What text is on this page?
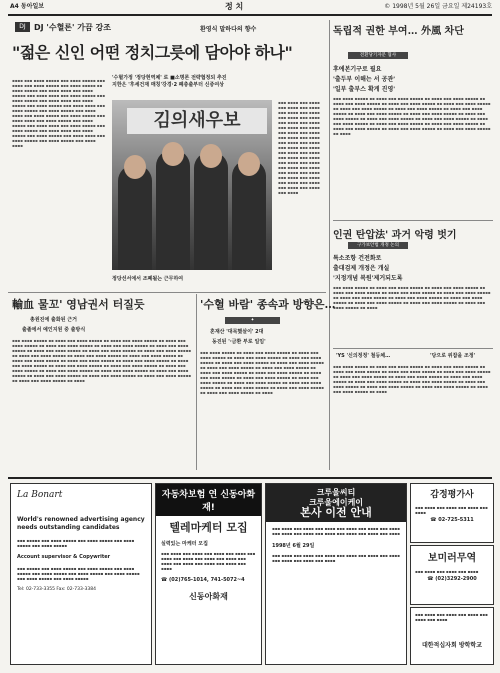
A4 동아일보	정 치	© 1998년 5월 26일 금요일 제24193호
DJ	DJ '수혈론' 가끔 강조	환영식 말하다의 향수
"젊은 신인 어떤 정치그릇에 담아야 하나"
'수혈가정 '정당현역체' 로 ■소명론 전략협정되 추진
지한은 '후세건재 매칭'강경·2 폐층출부터 신증여상
▪▪▪▪ ▪▪▪ ▪▪▪▪ ▪▪▪▪▪ ▪▪▪ ▪▪▪▪ ▪▪▪▪▪ ▪▪▪ ▪▪▪▪ ▪▪▪ ▪▪▪▪ ▪▪▪▪▪ ▪▪▪ ▪▪▪▪ ▪▪▪▪▪ ▪▪ ▪▪▪▪ ▪▪▪▪▪ ▪▪▪ ▪▪▪▪ ▪▪▪▪ ▪▪▪ ▪▪▪▪ ▪▪▪▪▪ ▪▪▪ ▪▪▪▪ ▪▪▪▪ ▪▪▪ ▪▪▪▪ ▪▪▪▪▪ ▪▪▪ ▪▪▪▪ ▪▪▪▪▪ ▪▪▪ ▪▪▪▪ ▪▪▪▪ ▪▪▪ ▪▪▪▪ ▪▪▪▪▪ ▪▪▪ ▪▪▪▪ ▪▪▪▪▪ ▪▪▪ ▪▪▪▪ ▪▪▪▪ ▪▪▪ ▪▪▪▪ ▪▪▪▪▪ ▪▪▪ ▪▪▪▪ ▪▪▪▪▪ ▪▪▪ ▪▪▪▪ ▪▪▪▪ ▪▪▪ ▪▪▪▪ ▪▪▪▪▪ ▪▪▪ ▪▪▪▪ ▪▪▪▪▪ ▪▪▪ ▪▪▪▪ ▪▪▪▪ ▪▪▪ ▪▪▪▪ ▪▪▪▪▪ ▪▪▪ ▪▪▪▪ ▪▪▪▪▪ ▪▪▪ ▪▪▪▪ ▪▪▪▪ ▪▪▪ ▪▪▪▪ ▪▪▪▪▪ ▪▪▪ ▪▪▪▪ ▪▪▪▪▪ ▪▪▪ ▪▪▪▪ ▪▪▪▪ ▪▪▪ ▪▪▪▪ ▪▪▪▪▪ ▪▪▪ ▪▪▪▪ ▪▪▪▪▪ ▪▪▪ ▪▪▪▪ ▪▪▪▪ ▪▪▪ ▪▪▪▪ ▪▪▪▪▪ ▪▪▪ ▪▪▪▪ ▪▪▪▪▪ ▪▪▪ ▪▪▪▪ ▪▪▪▪
김의새우보
정당선서에서 조폐될는 근무하여
▪▪▪ ▪▪▪▪ ▪▪▪ ▪▪▪▪ ▪▪▪ ▪▪▪▪ ▪▪▪ ▪▪▪▪ ▪▪▪ ▪▪▪▪ ▪▪▪ ▪▪▪▪ ▪▪▪ ▪▪▪▪ ▪▪▪ ▪▪▪▪ ▪▪▪ ▪▪▪▪ ▪▪▪ ▪▪▪▪ ▪▪▪ ▪▪▪▪ ▪▪▪ ▪▪▪▪ ▪▪▪ ▪▪▪▪ ▪▪▪ ▪▪▪▪ ▪▪▪ ▪▪▪▪ ▪▪▪ ▪▪▪▪ ▪▪▪ ▪▪▪▪ ▪▪▪ ▪▪▪▪ ▪▪▪ ▪▪▪▪ ▪▪▪ ▪▪▪▪ ▪▪▪ ▪▪▪▪ ▪▪▪ ▪▪▪▪ ▪▪▪ ▪▪▪▪ ▪▪▪ ▪▪▪▪ ▪▪▪ ▪▪▪▪ ▪▪▪ ▪▪▪▪ ▪▪▪ ▪▪▪▪ ▪▪▪ ▪▪▪▪ ▪▪▪ ▪▪▪▪ ▪▪▪ ▪▪▪▪ ▪▪▪ ▪▪▪▪ ▪▪▪ ▪▪▪▪ ▪▪▪ ▪▪▪▪ ▪▪▪ ▪▪▪▪ ▪▪▪ ▪▪▪▪ ▪▪▪ ▪▪▪▪ ▪▪▪ ▪▪▪▪
독립적 권한 부여… 外風 차단
전환당기자문 협사
후에본기구로 필요
'출두부 이해는 서 공관'
'일부 출부스 확게 진영'
▪▪▪ ▪▪▪▪ ▪▪▪▪▪ ▪▪ ▪▪▪▪ ▪▪▪ ▪▪▪▪ ▪▪▪▪▪ ▪▪ ▪▪▪▪ ▪▪▪ ▪▪▪▪ ▪▪▪▪▪ ▪▪ ▪▪▪▪ ▪▪▪ ▪▪▪▪ ▪▪▪▪▪ ▪▪ ▪▪▪▪ ▪▪▪ ▪▪▪▪ ▪▪▪▪▪ ▪▪ ▪▪▪▪ ▪▪▪ ▪▪▪▪ ▪▪▪▪▪ ▪▪ ▪▪▪▪ ▪▪▪ ▪▪▪▪ ▪▪▪▪▪ ▪▪ ▪▪▪▪ ▪▪▪ ▪▪▪▪ ▪▪▪▪▪ ▪▪ ▪▪▪▪ ▪▪▪ ▪▪▪▪ ▪▪▪▪▪ ▪▪ ▪▪▪▪ ▪▪▪ ▪▪▪▪ ▪▪▪▪▪ ▪▪ ▪▪▪▪ ▪▪▪ ▪▪▪▪ ▪▪▪▪▪ ▪▪ ▪▪▪▪ ▪▪▪ ▪▪▪▪ ▪▪▪▪▪ ▪▪ ▪▪▪▪ ▪▪▪ ▪▪▪▪ ▪▪▪▪▪ ▪▪ ▪▪▪▪ ▪▪▪ ▪▪▪▪ ▪▪▪▪▪ ▪▪ ▪▪▪▪ ▪▪▪ ▪▪▪▪ ▪▪▪▪▪ ▪▪ ▪▪▪▪ ▪▪▪ ▪▪▪▪ ▪▪▪▪▪ ▪▪ ▪▪▪▪ ▪▪▪ ▪▪▪▪ ▪▪▪▪▪ ▪▪ ▪▪▪▪ ▪▪▪ ▪▪▪▪ ▪▪▪▪▪ ▪▪ ▪▪▪▪ ▪▪▪ ▪▪▪▪ ▪▪▪▪▪ ▪▪ ▪▪▪▪ ▪▪▪ ▪▪▪▪ ▪▪▪▪▪ ▪▪ ▪▪▪▪
인권 탄압法' 과거 악령 벗기
구가보안법 개정 논의
특소조항 건전화로
출대검제 개정은 개실
'지정개념 복원'제거되도록
▪▪▪ ▪▪▪▪ ▪▪▪▪▪ ▪▪ ▪▪▪▪ ▪▪▪ ▪▪▪▪ ▪▪▪▪▪ ▪▪ ▪▪▪▪ ▪▪▪ ▪▪▪▪ ▪▪▪▪▪ ▪▪ ▪▪▪▪ ▪▪▪ ▪▪▪▪ ▪▪▪▪▪ ▪▪ ▪▪▪▪ ▪▪▪ ▪▪▪▪ ▪▪▪▪▪ ▪▪ ▪▪▪▪ ▪▪▪ ▪▪▪▪ ▪▪▪▪▪ ▪▪ ▪▪▪▪ ▪▪▪ ▪▪▪▪ ▪▪▪▪▪ ▪▪ ▪▪▪▪ ▪▪▪ ▪▪▪▪ ▪▪▪▪▪ ▪▪ ▪▪▪▪ ▪▪▪ ▪▪▪▪ ▪▪▪▪▪ ▪▪ ▪▪▪▪ ▪▪▪ ▪▪▪▪ ▪▪▪▪▪ ▪▪ ▪▪▪▪ ▪▪▪ ▪▪▪▪ ▪▪▪▪▪ ▪▪ ▪▪▪▪ ▪▪▪ ▪▪▪▪ ▪▪▪▪▪ ▪▪ ▪▪▪▪
輸血 물꼬' 영남권서 터질듯
총원진에 출화된 근거
출졸에서 예인지원 중 출방식
▪▪▪ ▪▪▪▪ ▪▪▪▪▪ ▪▪ ▪▪▪▪ ▪▪▪ ▪▪▪▪ ▪▪▪▪▪ ▪▪ ▪▪▪▪ ▪▪▪ ▪▪▪▪ ▪▪▪▪▪ ▪▪ ▪▪▪▪ ▪▪▪ ▪▪▪▪ ▪▪▪▪▪ ▪▪ ▪▪▪▪ ▪▪▪ ▪▪▪▪ ▪▪▪▪▪ ▪▪ ▪▪▪▪ ▪▪▪ ▪▪▪▪ ▪▪▪▪▪ ▪▪ ▪▪▪▪ ▪▪▪ ▪▪▪▪ ▪▪▪▪▪ ▪▪ ▪▪▪▪ ▪▪▪ ▪▪▪▪ ▪▪▪▪▪ ▪▪ ▪▪▪▪ ▪▪▪ ▪▪▪▪ ▪▪▪▪▪ ▪▪ ▪▪▪▪ ▪▪▪ ▪▪▪▪ ▪▪▪▪▪ ▪▪ ▪▪▪▪ ▪▪▪ ▪▪▪▪ ▪▪▪▪▪ ▪▪ ▪▪▪▪ ▪▪▪ ▪▪▪▪ ▪▪▪▪▪ ▪▪ ▪▪▪▪ ▪▪▪ ▪▪▪▪ ▪▪▪▪▪ ▪▪ ▪▪▪▪ ▪▪▪ ▪▪▪▪ ▪▪▪▪▪ ▪▪ ▪▪▪▪ ▪▪▪ ▪▪▪▪ ▪▪▪▪▪ ▪▪ ▪▪▪▪ ▪▪▪ ▪▪▪▪ ▪▪▪▪▪ ▪▪ ▪▪▪▪ ▪▪▪ ▪▪▪▪ ▪▪▪▪▪ ▪▪ ▪▪▪▪ ▪▪▪ ▪▪▪▪ ▪▪▪▪▪ ▪▪ ▪▪▪▪ ▪▪▪ ▪▪▪▪ ▪▪▪▪▪ ▪▪ ▪▪▪▪ ▪▪▪ ▪▪▪▪ ▪▪▪▪▪ ▪▪ ▪▪▪▪ ▪▪▪ ▪▪▪▪ ▪▪▪▪▪ ▪▪ ▪▪▪▪ ▪▪▪ ▪▪▪▪ ▪▪▪▪▪ ▪▪ ▪▪▪▪ ▪▪▪ ▪▪▪▪ ▪▪▪▪▪ ▪▪ ▪▪▪▪ ▪▪▪ ▪▪▪▪ ▪▪▪▪▪ ▪▪ ▪▪▪▪ ▪▪▪ ▪▪▪▪ ▪▪▪▪▪ ▪▪ ▪▪▪▪ ▪▪▪ ▪▪▪▪ ▪▪▪▪▪ ▪▪ ▪▪▪▪ ▪▪▪ ▪▪▪▪ ▪▪▪▪▪ ▪▪ ▪▪▪▪
'수혈 바람' 종속과 방향은…
✦
혼재산 '대목했살이' 2대
동진된 '·금환 부로 일임'
▪▪▪ ▪▪▪▪ ▪▪▪▪▪ ▪▪ ▪▪▪▪ ▪▪▪ ▪▪▪▪ ▪▪▪▪▪ ▪▪ ▪▪▪▪ ▪▪▪ ▪▪▪▪ ▪▪▪▪▪ ▪▪ ▪▪▪▪ ▪▪▪ ▪▪▪▪ ▪▪▪▪▪ ▪▪ ▪▪▪▪ ▪▪▪ ▪▪▪▪ ▪▪▪▪▪ ▪▪ ▪▪▪▪ ▪▪▪ ▪▪▪▪ ▪▪▪▪▪ ▪▪ ▪▪▪▪ ▪▪▪ ▪▪▪▪ ▪▪▪▪▪ ▪▪ ▪▪▪▪ ▪▪▪ ▪▪▪▪ ▪▪▪▪▪ ▪▪ ▪▪▪▪ ▪▪▪ ▪▪▪▪ ▪▪▪▪▪ ▪▪ ▪▪▪▪ ▪▪▪ ▪▪▪▪ ▪▪▪▪▪ ▪▪ ▪▪▪▪ ▪▪▪ ▪▪▪▪ ▪▪▪▪▪ ▪▪ ▪▪▪▪ ▪▪▪ ▪▪▪▪ ▪▪▪▪▪ ▪▪ ▪▪▪▪ ▪▪▪ ▪▪▪▪ ▪▪▪▪▪ ▪▪ ▪▪▪▪ ▪▪▪ ▪▪▪▪ ▪▪▪▪▪ ▪▪ ▪▪▪▪ ▪▪▪ ▪▪▪▪ ▪▪▪▪▪ ▪▪ ▪▪▪▪ ▪▪▪ ▪▪▪▪ ▪▪▪▪▪ ▪▪ ▪▪▪▪ ▪▪▪ ▪▪▪▪ ▪▪▪▪▪ ▪▪ ▪▪▪▪ ▪▪▪ ▪▪▪▪ ▪▪▪▪▪ ▪▪ ▪▪▪▪ ▪▪▪ ▪▪▪▪ ▪▪▪▪▪ ▪▪ ▪▪▪▪
'YS '신의정정' 철등체…	'당으로 위잡을 조정'
▪▪▪ ▪▪▪▪ ▪▪▪▪▪ ▪▪ ▪▪▪▪ ▪▪▪ ▪▪▪▪ ▪▪▪▪▪ ▪▪ ▪▪▪▪ ▪▪▪ ▪▪▪▪ ▪▪▪▪▪ ▪▪ ▪▪▪▪ ▪▪▪ ▪▪▪▪ ▪▪▪▪▪ ▪▪ ▪▪▪▪ ▪▪▪ ▪▪▪▪ ▪▪▪▪▪ ▪▪ ▪▪▪▪ ▪▪▪ ▪▪▪▪ ▪▪▪▪▪ ▪▪ ▪▪▪▪ ▪▪▪ ▪▪▪▪ ▪▪▪▪▪ ▪▪ ▪▪▪▪ ▪▪▪ ▪▪▪▪ ▪▪▪▪▪ ▪▪ ▪▪▪▪ ▪▪▪ ▪▪▪▪ ▪▪▪▪▪ ▪▪ ▪▪▪▪ ▪▪▪ ▪▪▪▪ ▪▪▪▪▪ ▪▪ ▪▪▪▪ ▪▪▪ ▪▪▪▪ ▪▪▪▪▪ ▪▪ ▪▪▪▪ ▪▪▪ ▪▪▪▪ ▪▪▪▪▪ ▪▪ ▪▪▪▪ ▪▪▪ ▪▪▪▪ ▪▪▪▪▪ ▪▪ ▪▪▪▪ ▪▪▪ ▪▪▪▪ ▪▪▪▪▪ ▪▪ ▪▪▪▪ ▪▪▪ ▪▪▪▪ ▪▪▪▪▪ ▪▪ ▪▪▪▪
La Bonart
World's renowned advertising agency needs outstanding candidates
▪▪▪ ▪▪▪▪▪ ▪▪▪ ▪▪▪▪ ▪▪▪▪▪ ▪▪▪ ▪▪▪▪ ▪▪▪▪▪ ▪▪▪ ▪▪▪▪ ▪▪▪▪▪ ▪▪▪ ▪▪▪▪ ▪▪▪▪▪
Account supervisor & Copywriter
▪▪▪ ▪▪▪▪▪ ▪▪▪ ▪▪▪▪ ▪▪▪▪▪ ▪▪▪ ▪▪▪▪ ▪▪▪▪▪ ▪▪▪ ▪▪▪▪ ▪▪▪▪▪ ▪▪▪ ▪▪▪▪ ▪▪▪▪▪ ▪▪▪ ▪▪▪▪ ▪▪▪▪▪ ▪▪▪ ▪▪▪▪ ▪▪▪▪▪ ▪▪▪ ▪▪▪▪ ▪▪▪▪▪ ▪▪▪ ▪▪▪▪ ▪▪▪▪▪
Tel: 02-733-3355 Fax: 02-733-3384
자동차보험 연 신동아화재!
텔레마케터 모집
실력있는 마케터 모집
▪▪▪ ▪▪▪▪ ▪▪▪ ▪▪▪▪ ▪▪▪ ▪▪▪▪ ▪▪▪ ▪▪▪▪ ▪▪▪ ▪▪▪▪ ▪▪▪ ▪▪▪▪ ▪▪▪ ▪▪▪▪ ▪▪▪ ▪▪▪▪ ▪▪▪ ▪▪▪▪ ▪▪▪ ▪▪▪▪ ▪▪▪ ▪▪▪▪ ▪▪▪ ▪▪▪▪ ▪▪▪ ▪▪▪▪
☎ (02)765-1014, 741-5072~4
신동아화재
크루울씨티
크루울에이케이
본사 이전 안내
▪▪▪ ▪▪▪▪ ▪▪▪ ▪▪▪▪ ▪▪▪ ▪▪▪▪ ▪▪▪ ▪▪▪▪ ▪▪▪ ▪▪▪▪ ▪▪▪ ▪▪▪▪ ▪▪▪ ▪▪▪▪ ▪▪▪ ▪▪▪▪ ▪▪▪ ▪▪▪▪ ▪▪▪ ▪▪▪▪ ▪▪▪ ▪▪▪▪ ▪▪▪ ▪▪▪▪
1998년 6월 29일
▪▪▪ ▪▪▪▪ ▪▪▪ ▪▪▪▪ ▪▪▪ ▪▪▪▪ ▪▪▪ ▪▪▪▪ ▪▪▪ ▪▪▪▪ ▪▪▪ ▪▪▪▪ ▪▪▪ ▪▪▪▪ ▪▪▪ ▪▪▪▪ ▪▪▪ ▪▪▪▪
감정평가사
▪▪▪ ▪▪▪▪ ▪▪▪ ▪▪▪▪ ▪▪▪ ▪▪▪▪ ▪▪▪ ▪▪▪▪
☎ 02-725-5311
보미러무역
▪▪▪ ▪▪▪▪ ▪▪▪ ▪▪▪▪ ▪▪▪ ▪▪▪▪
☎ (02)3292-2900
▪▪▪ ▪▪▪▪ ▪▪▪ ▪▪▪▪ ▪▪▪ ▪▪▪▪ ▪▪▪ ▪▪▪▪ ▪▪▪ ▪▪▪▪
대한적십자회 방학학교
